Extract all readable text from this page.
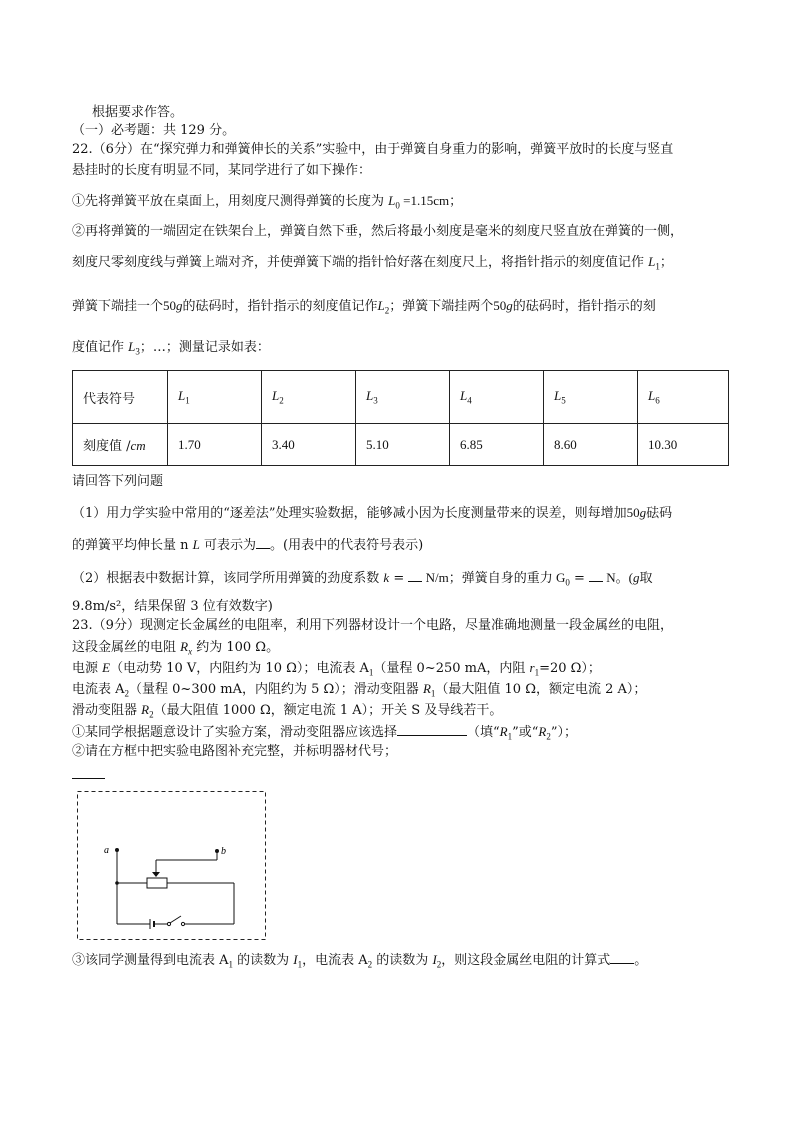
根据要求作答。
（一）必考题：共 129 分。
22.（6分）在“探究弹力和弹簧伸长的关系”实验中，由于弹簧自身重力的影响，弹簧平放时的长度与竖直
悬挂时的长度有明显不同，某同学进行了如下操作：
①先将弹簧平放在桌面上，用刻度尺测得弹簧的长度为 $L_0 =1.15cm$；
②再将弹簧的一端固定在铁架台上，弹簧自然下垂，然后将最小刻度是毫米的刻度尺竖直放在弹簧的一侧，
刻度尺零刻度线与弹簧上端对齐，并使弹簧下端的指针恰好落在刻度尺上，将指针指示的刻度值记作 $L_1$；
弹簧下端挂一个50g的砝码时，指针指示的刻度值记作$L_2$；弹簧下端挂两个50g的砝码时，指针指示的刻
度值记作 $L_3$；…；测量记录如表：
代表符号	$L_1$	$L_2$	$L_3$	$L_4$	$L_5$	$L_6$
刻度值 /cm	1.70	3.40	5.10	6.85	8.60	10.30
请回答下列问题
（1）用力学实验中常用的“逐差法”处理实验数据，能够减小因为长度测量带来的误差，则每增加50g砝码
的弹簧平均伸长量 n L 可表示为 。(用表中的代表符号表示)
（2）根据表中数据计算，该同学所用弹簧的劲度系数 k =  N/m；弹簧自身的重力 $G_0 = N$。(g取
9.8m/s²，结果保留 3 位有效数字)
23.（9分）现测定长金属丝的电阻率，利用下列器材设计一个电路，尽量准确地测量一段金属丝的电阻，
这段金属丝的电阻 $R_x$ 约为 100 Ω。
电源 E（电动势 10 V，内阻约为 10 Ω）；电流表 $A_1$（量程 0~250 mA，内阻 $r_1=20$ Ω）；
电流表 $A_2$（量程 0~300 mA，内阻约为 5 Ω）；滑动变阻器 $R_1$（最大阻值 10 Ω，额定电流 2 A）；
滑动变阻器 $R_2$（最大阻值 1000 Ω，额定电流 1 A）；开关 S 及导线若干。
①某同学根据题意设计了实验方案，滑动变阻器应该选择	（填“$R_1$”或“$R_2$”）；
②请在方框中把实验电路图补充完整，并标明器材代号；
a	b
③该同学测量得到电流表 $A_1$ 的读数为 $I_1$，电流表 $A_2$ 的读数为 $I_2$，则这段金属丝电阻的计算式 。
